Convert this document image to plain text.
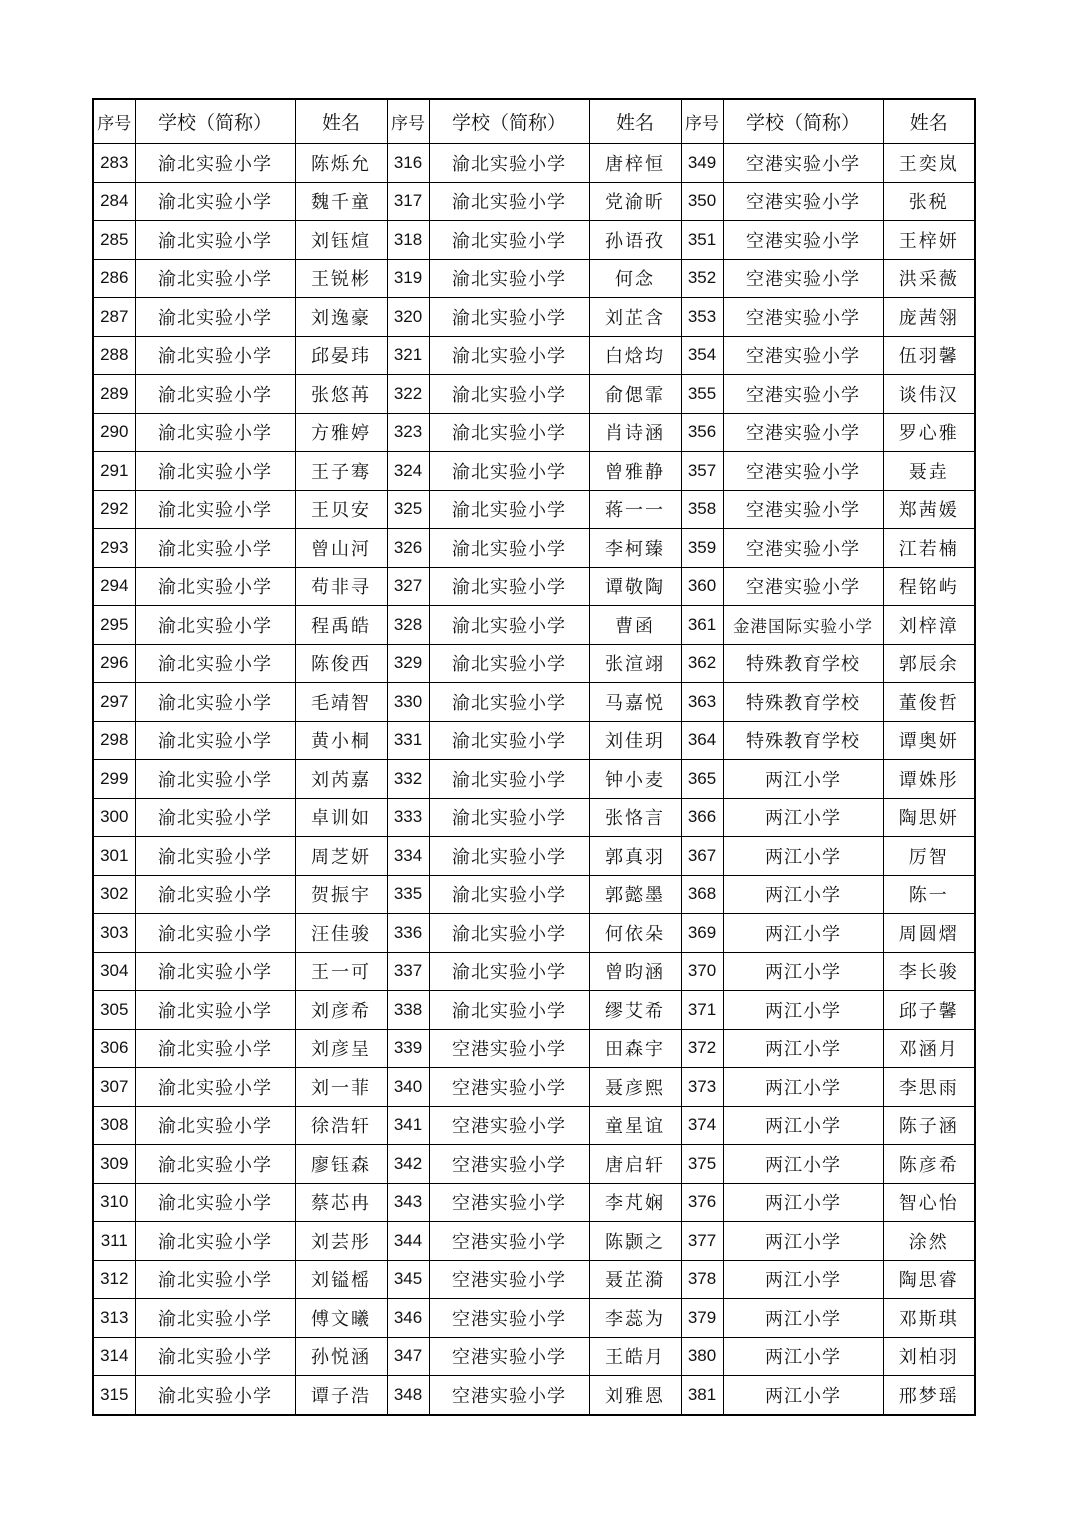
序号	学校（简称）	姓名	序号	学校（简称）	姓名	序号	学校（简称）	姓名
283	渝北实验小学	陈烁允	316	渝北实验小学	唐梓恒	349	空港实验小学	王奕岚
284	渝北实验小学	魏千童	317	渝北实验小学	党渝昕	350	空港实验小学	张税
285	渝北实验小学	刘钰煊	318	渝北实验小学	孙语孜	351	空港实验小学	王梓妍
286	渝北实验小学	王锐彬	319	渝北实验小学	何念	352	空港实验小学	洪采薇
287	渝北实验小学	刘逸豪	320	渝北实验小学	刘芷含	353	空港实验小学	庞茜翎
288	渝北实验小学	邱晏玮	321	渝北实验小学	白焓均	354	空港实验小学	伍羽馨
289	渝北实验小学	张悠苒	322	渝北实验小学	俞偲霏	355	空港实验小学	谈伟汉
290	渝北实验小学	方雅婷	323	渝北实验小学	肖诗涵	356	空港实验小学	罗心雅
291	渝北实验小学	王子骞	324	渝北实验小学	曾雅静	357	空港实验小学	聂垚
292	渝北实验小学	王贝安	325	渝北实验小学	蒋一一	358	空港实验小学	郑茜媛
293	渝北实验小学	曾山河	326	渝北实验小学	李柯臻	359	空港实验小学	江若楠
294	渝北实验小学	苟非寻	327	渝北实验小学	谭敬陶	360	空港实验小学	程铭屿
295	渝北实验小学	程禹皓	328	渝北实验小学	曹函	361	金港国际实验小学	刘梓漳
296	渝北实验小学	陈俊西	329	渝北实验小学	张渲翊	362	特殊教育学校	郭辰余
297	渝北实验小学	毛靖智	330	渝北实验小学	马嘉悦	363	特殊教育学校	董俊哲
298	渝北实验小学	黄小桐	331	渝北实验小学	刘佳玥	364	特殊教育学校	谭奥妍
299	渝北实验小学	刘芮嘉	332	渝北实验小学	钟小麦	365	两江小学	谭姝彤
300	渝北实验小学	卓训如	333	渝北实验小学	张恪言	366	两江小学	陶思妍
301	渝北实验小学	周芝妍	334	渝北实验小学	郭真羽	367	两江小学	厉智
302	渝北实验小学	贺振宇	335	渝北实验小学	郭懿墨	368	两江小学	陈一
303	渝北实验小学	汪佳骏	336	渝北实验小学	何依朵	369	两江小学	周圆熠
304	渝北实验小学	王一可	337	渝北实验小学	曾昀涵	370	两江小学	李长骏
305	渝北实验小学	刘彦希	338	渝北实验小学	缪艾希	371	两江小学	邱子馨
306	渝北实验小学	刘彦呈	339	空港实验小学	田森宇	372	两江小学	邓涵月
307	渝北实验小学	刘一菲	340	空港实验小学	聂彦熙	373	两江小学	李思雨
308	渝北实验小学	徐浩轩	341	空港实验小学	童星谊	374	两江小学	陈子涵
309	渝北实验小学	廖钰森	342	空港实验小学	唐启轩	375	两江小学	陈彦希
310	渝北实验小学	蔡芯冉	343	空港实验小学	李芃娴	376	两江小学	智心怡
311	渝北实验小学	刘芸彤	344	空港实验小学	陈颢之	377	两江小学	涂然
312	渝北实验小学	刘镒榣	345	空港实验小学	聂芷漪	378	两江小学	陶思睿
313	渝北实验小学	傅文曦	346	空港实验小学	李蕊为	379	两江小学	邓斯琪
314	渝北实验小学	孙悦涵	347	空港实验小学	王皓月	380	两江小学	刘柏羽
315	渝北实验小学	谭子浩	348	空港实验小学	刘雅恩	381	两江小学	邢梦瑶
